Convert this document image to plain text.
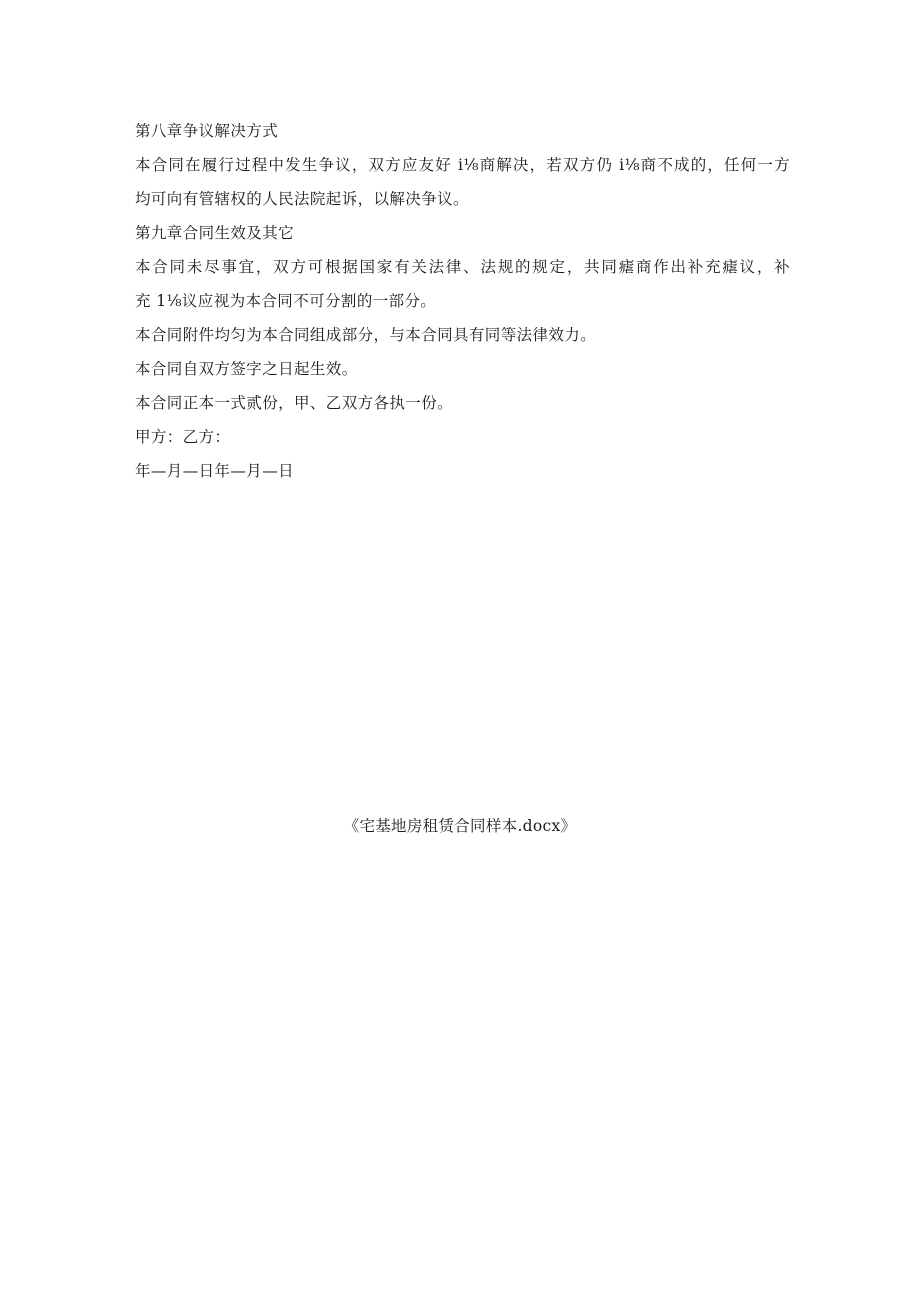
第八章争议解决方式
本合同在履行过程中发生争议，双方应友好 i⅛商解决，若双方仍 i⅛商不成的，任何一方
均可向有管辖权的人民法院起诉，以解决争议。
第九章合同生效及其它
本合同未尽事宜，双方可根据国家有关法律、法规的规定，共同瘧商作出补充瘧议，补
充 1⅛议应视为本合同不可分割的一部分。
本合同附件均匀为本合同组成部分，与本合同具有同等法律效力。
本合同自双方签字之日起生效。
本合同正本一式贰份，甲、乙双方各执一份。
甲方：乙方：
年—月—日年—月—日
《宅基地房租赁合同样本.docx》
